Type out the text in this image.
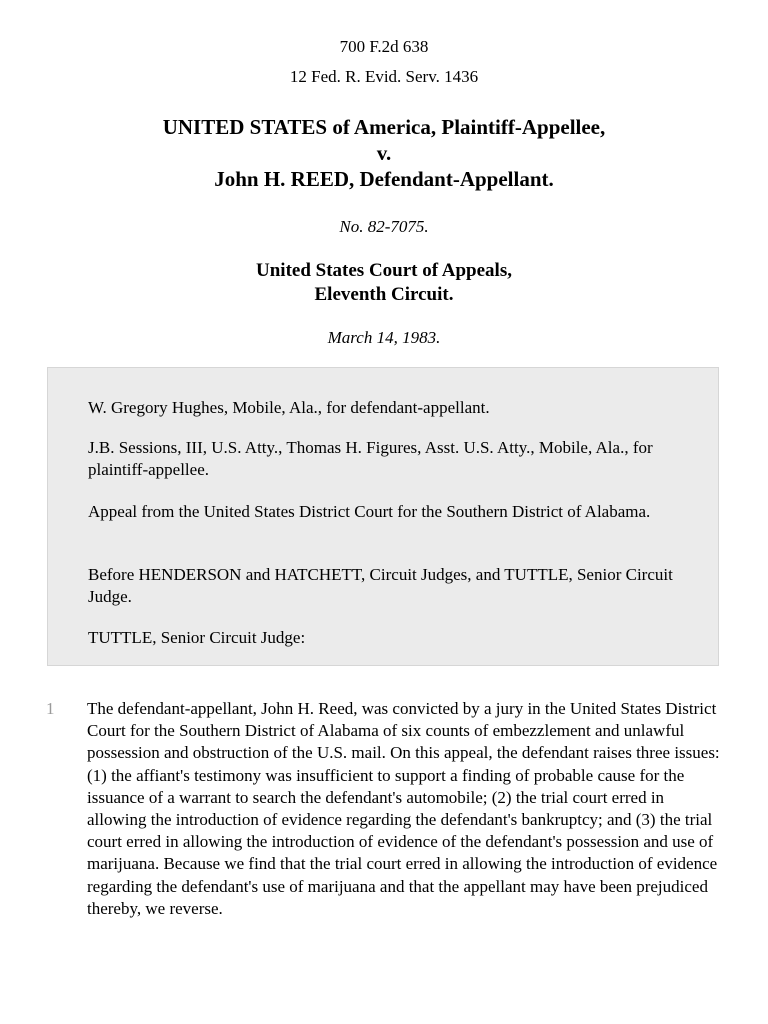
700 F.2d 638
12 Fed. R. Evid. Serv. 1436
UNITED STATES of America, Plaintiff-Appellee,
v.
John H. REED, Defendant-Appellant.
No. 82-7075.
United States Court of Appeals,
Eleventh Circuit.
March 14, 1983.

W. Gregory Hughes, Mobile, Ala., for defendant-appellant.

J.B. Sessions, III, U.S. Atty., Thomas H. Figures, Asst. U.S. Atty., Mobile, Ala., for plaintiff-appellee.

Appeal from the United States District Court for the Southern District of Alabama.

Before HENDERSON and HATCHETT, Circuit Judges, and TUTTLE, Senior Circuit Judge.

TUTTLE, Senior Circuit Judge:

1 The defendant-appellant, John H. Reed, was convicted by a jury in the United States District Court for the Southern District of Alabama of six counts of embezzlement and unlawful possession and obstruction of the U.S. mail. On this appeal, the defendant raises three issues: (1) the affiant's testimony was insufficient to support a finding of probable cause for the issuance of a warrant to search the defendant's automobile; (2) the trial court erred in allowing the introduction of evidence regarding the defendant's bankruptcy; and (3) the trial court erred in allowing the introduction of evidence of the defendant's possession and use of marijuana. Because we find that the trial court erred in allowing the introduction of evidence regarding the defendant's use of marijuana and that the appellant may have been prejudiced thereby, we reverse.
